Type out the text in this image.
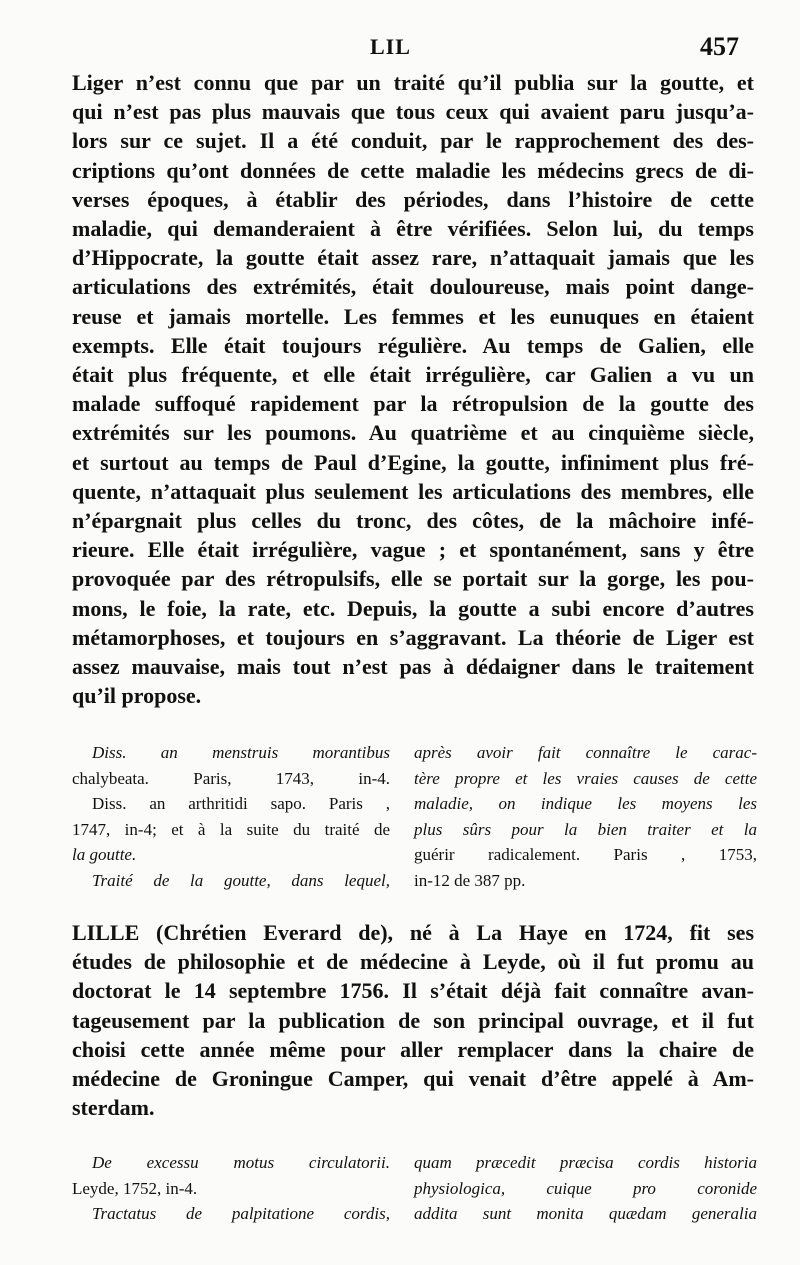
LIL	457
Liger n’est connu que par un traité qu’il publia sur la goutte, et
qui n’est pas plus mauvais que tous ceux qui avaient paru jusqu’a-
lors sur ce sujet. Il a été conduit, par le rapprochement des des-
criptions qu’ont données de cette maladie les médecins grecs de di-
verses époques, à établir des périodes, dans l’histoire de cette
maladie, qui demanderaient à être vérifiées. Selon lui, du temps
d’Hippocrate, la goutte était assez rare, n’attaquait jamais que les
articulations des extrémités, était douloureuse, mais point dange-
reuse et jamais mortelle. Les femmes et les eunuques en étaient
exempts. Elle était toujours régulière. Au temps de Galien, elle
était plus fréquente, et elle était irrégulière, car Galien a vu un
malade suffoqué rapidement par la rétropulsion de la goutte des
extrémités sur les poumons. Au quatrième et au cinquième siècle,
et surtout au temps de Paul d’Egine, la goutte, infiniment plus fré-
quente, n’attaquait plus seulement les articulations des membres, elle
n’épargnait plus celles du tronc, des côtes, de la mâchoire infé-
rieure. Elle était irrégulière, vague ; et spontanément, sans y être
provoquée par des rétropulsifs, elle se portait sur la gorge, les pou-
mons, le foie, la rate, etc. Depuis, la goutte a subi encore d’autres
métamorphoses, et toujours en s’aggravant. La théorie de Liger est
assez mauvaise, mais tout n’est pas à dédaigner dans le traitement
qu’il propose.
Diss. an menstruis morantibus
chalybeata. Paris, 1743, in-4.
Diss. an arthritidi sapo. Paris ,
1747, in-4; et à la suite du traité de
la goutte.
Traité de la goutte, dans lequel,
après avoir fait connaître le carac-
tère propre et les vraies causes de cette
maladie, on indique les moyens les
plus sûrs pour la bien traiter et la
guérir radicalement. Paris , 1753,
in-12 de 387 pp.
LILLE (Chrétien Everard de), né à La Haye en 1724, fit ses
études de philosophie et de médecine à Leyde, où il fut promu au
doctorat le 14 septembre 1756. Il s’était déjà fait connaître avan-
tageusement par la publication de son principal ouvrage, et il fut
choisi cette année même pour aller remplacer dans la chaire de
médecine de Groningue Camper, qui venait d’être appelé à Am-
sterdam.
De excessu motus circulatorii.
Leyde, 1752, in-4.
Tractatus de palpitatione cordis,
quam præcedit præcisa cordis historia
physiologica, cuique pro coronide
addita sunt monita quædam generalia
